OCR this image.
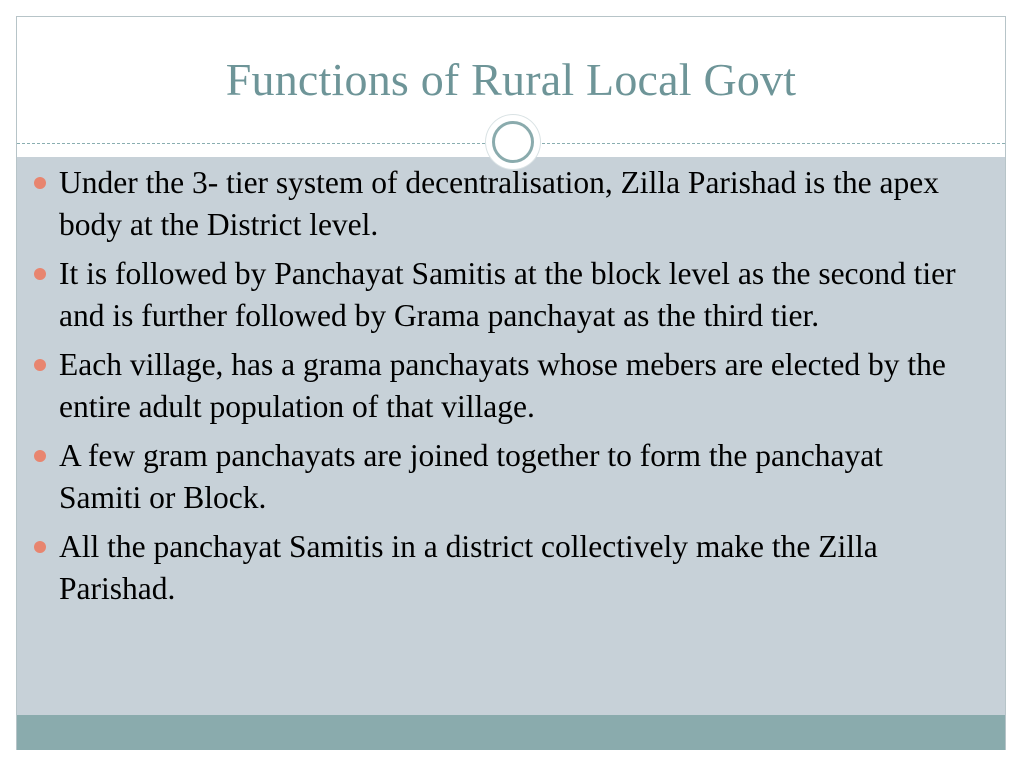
Functions of Rural Local Govt
Under the 3- tier system of decentralisation, Zilla Parishad is the apex body at the District level.
It is followed by Panchayat Samitis at the block level as the second tier and is further followed by Grama panchayat as the third tier.
Each village, has a grama panchayats whose mebers are elected by the entire adult population of that village.
A few gram panchayats are joined together to form the panchayat Samiti or Block.
All the panchayat Samitis in a district collectively make the Zilla Parishad.
